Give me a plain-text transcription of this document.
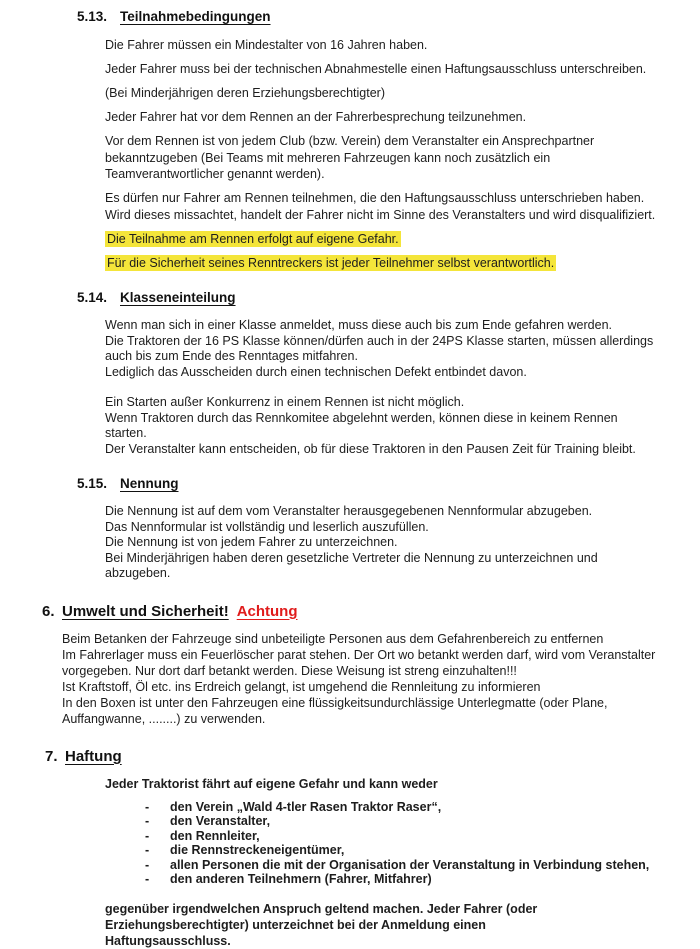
5.13. Teilnahmebedingungen

Die Fahrer müssen ein Mindestalter von 16 Jahren haben.

Jeder Fahrer muss bei der technischen Abnahmestelle einen Haftungsausschluss unterschreiben.

(Bei Minderjährigen deren Erziehungsberechtigter)

Jeder Fahrer hat vor dem Rennen an der Fahrerbesprechung teilzunehmen.

Vor dem Rennen ist von jedem Club (bzw. Verein) dem Veranstalter ein Ansprechpartner bekanntzugeben (Bei Teams mit mehreren Fahrzeugen kann noch zusätzlich ein Teamverantwortlicher genannt werden).

Es dürfen nur Fahrer am Rennen teilnehmen, die den Haftungsausschluss unterschrieben haben. Wird dieses missachtet, handelt der Fahrer nicht im Sinne des Veranstalters und wird disqualifiziert.

Die Teilnahme am Rennen erfolgt auf eigene Gefahr.

Für die Sicherheit seines Renntreckers ist jeder Teilnehmer selbst verantwortlich.

5.14. Klasseneinteilung

Wenn man sich in einer Klasse anmeldet, muss diese auch bis zum Ende gefahren werden.

Die Traktoren der 16 PS Klasse können/dürfen auch in der 24PS Klasse starten, müssen allerdings auch bis zum Ende des Renntages mitfahren.

Lediglich das Ausscheiden durch einen technischen Defekt entbindet davon.

Ein Starten außer Konkurrenz in einem Rennen ist nicht möglich.

Wenn Traktoren durch das Rennkomitee abgelehnt werden, können diese in keinem Rennen starten.

Der Veranstalter kann entscheiden, ob für diese Traktoren in den Pausen Zeit für Training bleibt.

5.15. Nennung

Die Nennung ist auf dem vom Veranstalter herausgegebenen Nennformular abzugeben.

Das Nennformular ist vollständig und leserlich auszufüllen.

Die Nennung ist von jedem Fahrer zu unterzeichnen.

Bei Minderjährigen haben deren gesetzliche Vertreter die Nennung zu unterzeichnen und abzugeben.

6. Umwelt und Sicherheit! Achtung

Beim Betanken der Fahrzeuge sind unbeteiligte Personen aus dem Gefahrenbereich zu entfernen

Im Fahrerlager muss ein Feuerlöscher parat stehen. Der Ort wo betankt werden darf, wird vom Veranstalter vorgegeben. Nur dort darf betankt werden. Diese Weisung ist streng einzuhalten!!!

Ist Kraftstoff, Öl etc. ins Erdreich gelangt, ist umgehend die Rennleitung zu informieren

In den Boxen ist unter den Fahrzeugen eine flüssigkeitsundurchlässige Unterlegmatte (oder Plane, Auffangwanne, ........) zu verwenden.

7. Haftung
Jeder Traktorist fährt auf eigene Gefahr und kann weder
-	den Verein „Wald 4-tler Rasen Traktor Raser“,
-	den Veranstalter,
-	den Rennleiter,
-	die Rennstreckeneigentümer,
-	allen Personen die mit der Organisation der Veranstaltung in Verbindung stehen,
-	den anderen Teilnehmern (Fahrer, Mitfahrer)
gegenüber irgendwelchen Anspruch geltend machen. Jeder Fahrer (oder Erziehungsberechtigter) unterzeichnet bei der Anmeldung einen Haftungsausschluss.
